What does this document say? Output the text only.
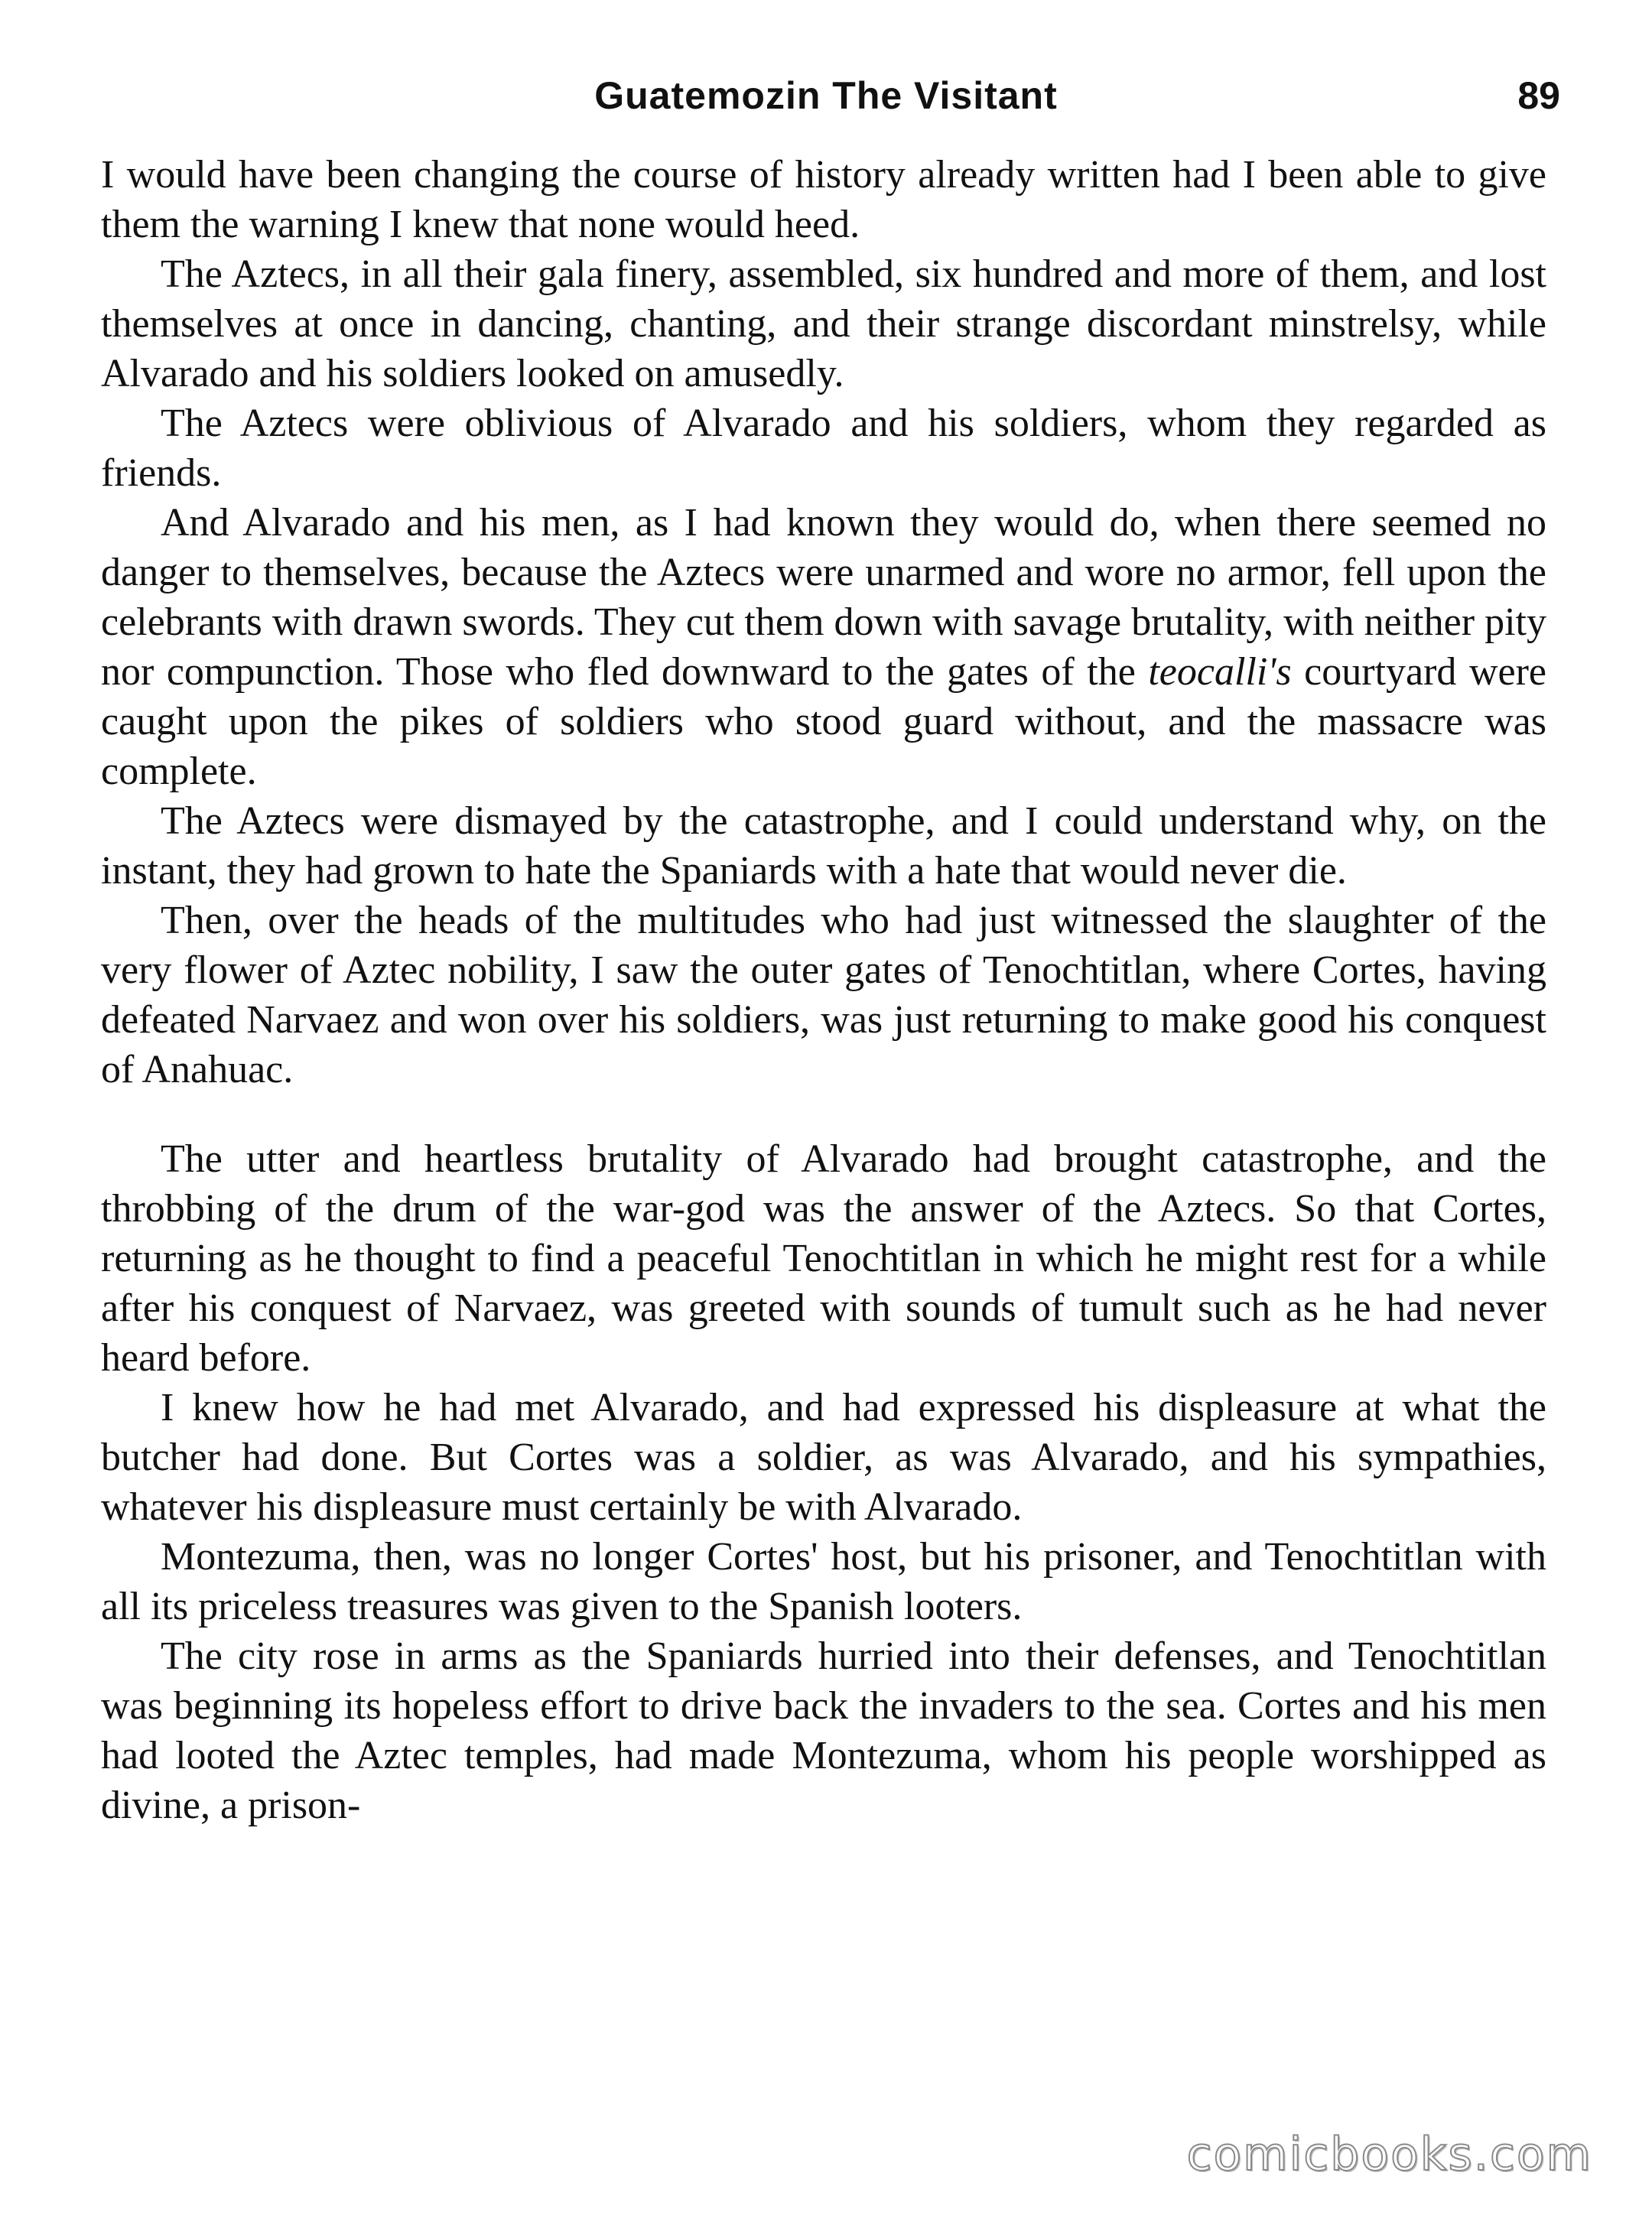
Guatemozin The Visitant	89

I would have been changing the course of history already written had I been able to give them the warning I knew that none would heed.

The Aztecs, in all their gala finery, assembled, six hundred and more of them, and lost themselves at once in dancing, chanting, and their strange discordant minstrelsy, while Alvarado and his soldiers looked on amusedly.

The Aztecs were oblivious of Alvarado and his soldiers, whom they regarded as friends.

And Alvarado and his men, as I had known they would do, when there seemed no danger to themselves, because the Aztecs were unarmed and wore no armor, fell upon the celebrants with drawn swords. They cut them down with savage brutality, with neither pity nor compunction. Those who fled downward to the gates of the teocalli's courtyard were caught upon the pikes of soldiers who stood guard without, and the massacre was complete.

The Aztecs were dismayed by the catastrophe, and I could understand why, on the instant, they had grown to hate the Spaniards with a hate that would never die.

Then, over the heads of the multitudes who had just witnessed the slaughter of the very flower of Aztec nobility, I saw the outer gates of Tenochtitlan, where Cortes, having defeated Narvaez and won over his soldiers, was just returning to make good his conquest of Anahuac.

The utter and heartless brutality of Alvarado had brought catastrophe, and the throbbing of the drum of the war-god was the answer of the Aztecs. So that Cortes, returning as he thought to find a peaceful Tenochtitlan in which he might rest for a while after his conquest of Narvaez, was greeted with sounds of tumult such as he had never heard before.

I knew how he had met Alvarado, and had expressed his displeasure at what the butcher had done. But Cortes was a soldier, as was Alvarado, and his sympathies, whatever his displeasure must certainly be with Alvarado.

Montezuma, then, was no longer Cortes' host, but his prisoner, and Tenochtitlan with all its priceless treasures was given to the Spanish looters.

The city rose in arms as the Spaniards hurried into their defenses, and Tenochtitlan was beginning its hopeless effort to drive back the invaders to the sea. Cortes and his men had looted the Aztec temples, had made Montezuma, whom his people worshipped as divine, a prison-

comicbooks.com
